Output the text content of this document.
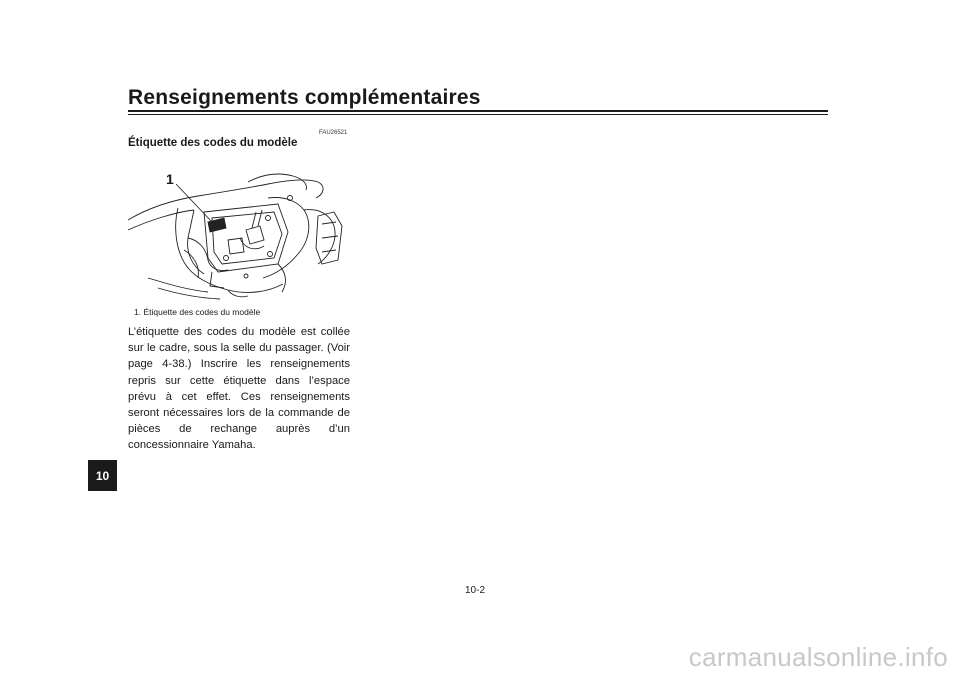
Renseignements complémentaires
FAU26521
Étiquette des codes du modèle
1
1. Étiquette des codes du modèle
L’étiquette des codes du modèle est collée sur le cadre, sous la selle du passager. (Voir page 4-38.) Inscrire les renseignements repris sur cette étiquette dans l’espace prévu à cet effet. Ces renseignements seront nécessaires lors de la commande de pièces de rechange auprès d’un concessionnaire Yamaha.
10
10-2
carmanualsonline.info
